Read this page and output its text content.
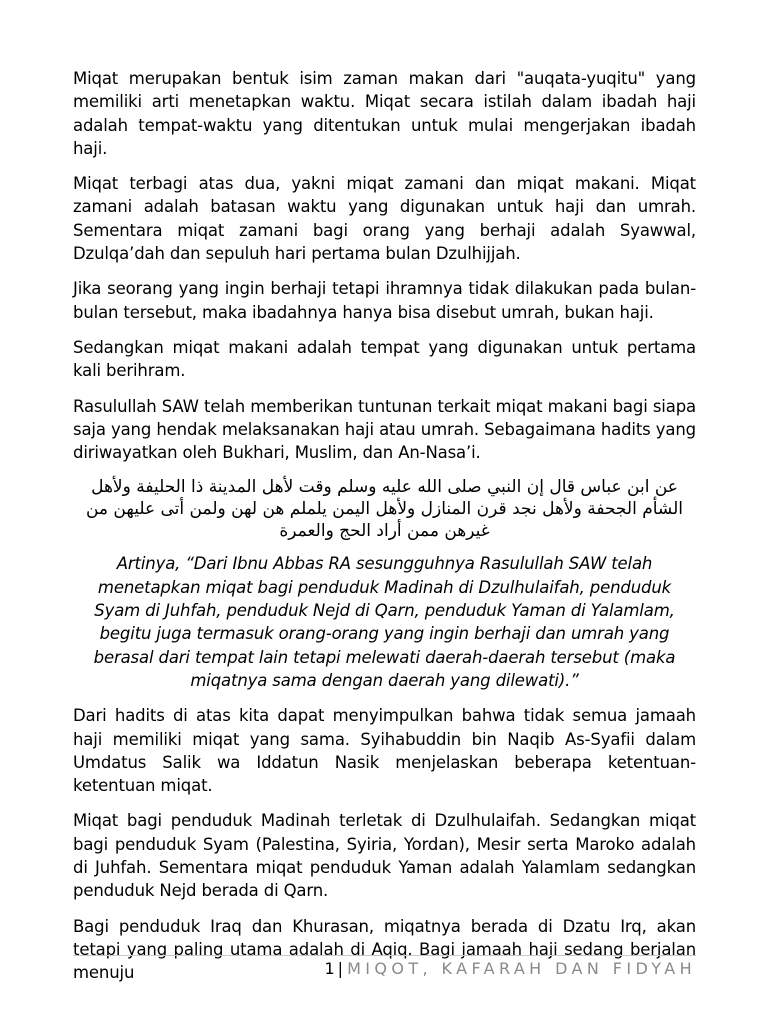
Miqat merupakan bentuk isim zaman makan dari "auqata-yuqitu" yang memiliki arti menetapkan waktu. Miqat secara istilah dalam ibadah haji adalah tempat-waktu yang ditentukan untuk mulai mengerjakan ibadah haji.

Miqat terbagi atas dua, yakni miqat zamani dan miqat makani. Miqat zamani adalah batasan waktu yang digunakan untuk haji dan umrah. Sementara miqat zamani bagi orang yang berhaji adalah Syawwal, Dzulqa’dah dan sepuluh hari pertama bulan Dzulhijjah.

Jika seorang yang ingin berhaji tetapi ihramnya tidak dilakukan pada bulan-bulan tersebut, maka ibadahnya hanya bisa disebut umrah, bukan haji.

Sedangkan miqat makani adalah tempat yang digunakan untuk pertama kali berihram.

Rasulullah SAW telah memberikan tuntunan terkait miqat makani bagi siapa saja yang hendak melaksanakan haji atau umrah. Sebagaimana hadits yang diriwayatkan oleh Bukhari, Muslim, dan An-Nasa’i.

عن ابن عباس قال إن النبي صلى الله عليه وسلم وقت لأهل المدينة ذا الحليفة ولأهل الشأم الجحفة ولأهل نجد قرن المنازل ولأهل اليمن يلملم هن لهن ولمن أتى عليهن من غيرهن ممن أراد الحج والعمرة

Artinya, “Dari Ibnu Abbas RA sesungguhnya Rasulullah SAW telah menetapkan miqat bagi penduduk Madinah di Dzulhulaifah, penduduk Syam di Juhfah, penduduk Nejd di Qarn, penduduk Yaman di Yalamlam, begitu juga termasuk orang-orang yang ingin berhaji dan umrah yang berasal dari tempat lain tetapi melewati daerah-daerah tersebut (maka miqatnya sama dengan daerah yang dilewati).”

Dari hadits di atas kita dapat menyimpulkan bahwa tidak semua jamaah haji memiliki miqat yang sama. Syihabuddin bin Naqib As-Syafii dalam Umdatus Salik wa Iddatun Nasik menjelaskan beberapa ketentuan-ketentuan miqat.

Miqat bagi penduduk Madinah terletak di Dzulhulaifah. Sedangkan miqat bagi penduduk Syam (Palestina, Syiria, Yordan), Mesir serta Maroko adalah di Juhfah. Sementara miqat penduduk Yaman adalah Yalamlam sedangkan penduduk Nejd berada di Qarn.

Bagi penduduk Iraq dan Khurasan, miqatnya berada di Dzatu Irq, akan tetapi yang paling utama adalah di Aqiq. Bagi jamaah haji sedang berjalan menuju	1 | MIQOT, KAFARAH DAN FIDYAH
